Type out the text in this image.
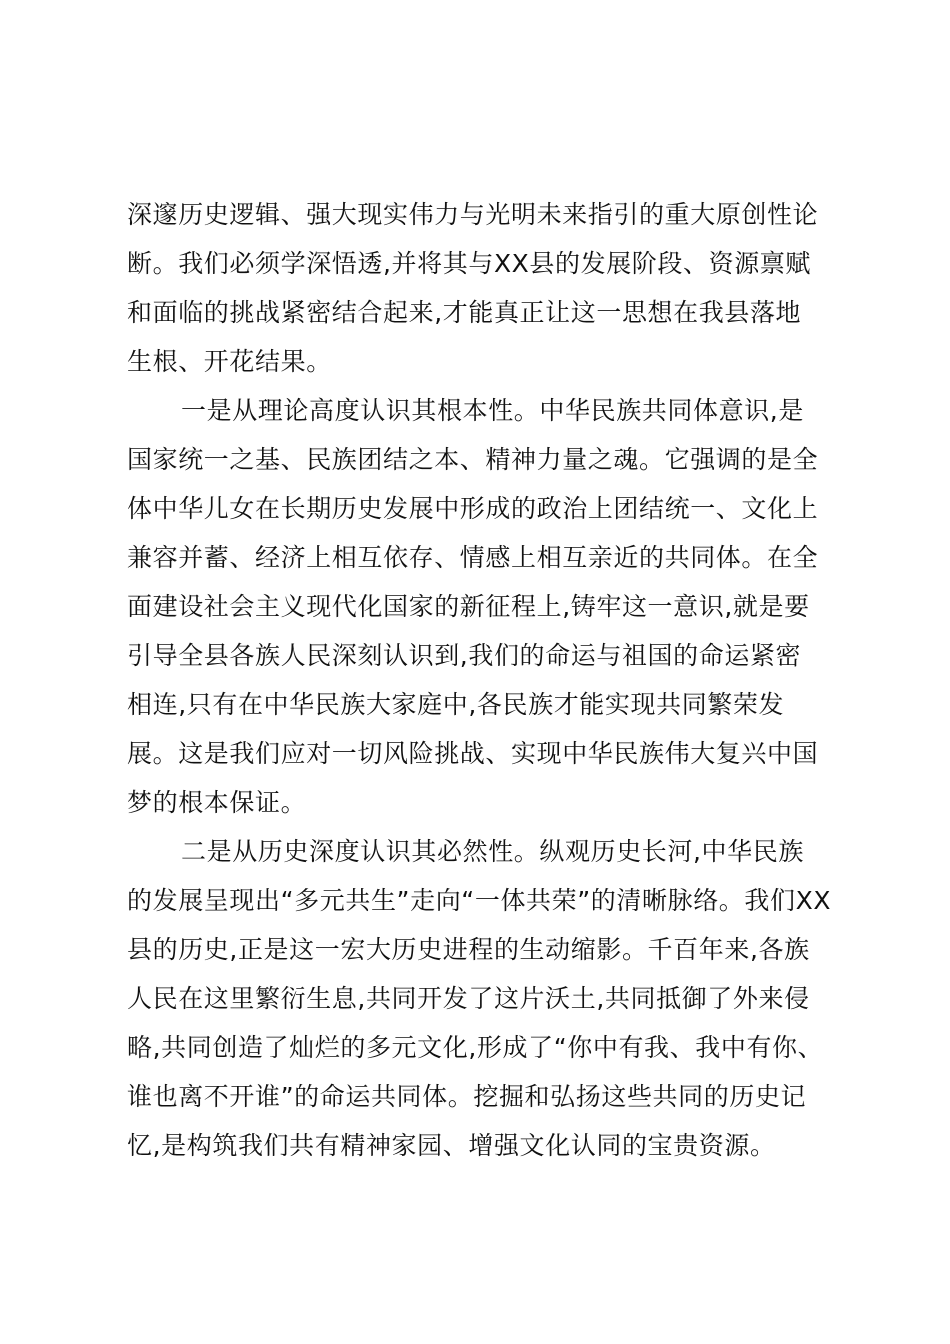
深邃历史逻辑、强大现实伟力与光明未来指引的重大原创性论
断。我们必须学深悟透,并将其与XX县的发展阶段、资源禀赋
和面临的挑战紧密结合起来,才能真正让这一思想在我县落地
生根、开花结果。
一是从理论高度认识其根本性。中华民族共同体意识,是
国家统一之基、民族团结之本、精神力量之魂。它强调的是全
体中华儿女在长期历史发展中形成的政治上团结统一、文化上
兼容并蓄、经济上相互依存、情感上相互亲近的共同体。在全
面建设社会主义现代化国家的新征程上,铸牢这一意识,就是要
引导全县各族人民深刻认识到,我们的命运与祖国的命运紧密
相连,只有在中华民族大家庭中,各民族才能实现共同繁荣发
展。这是我们应对一切风险挑战、实现中华民族伟大复兴中国
梦的根本保证。
二是从历史深度认识其必然性。纵观历史长河,中华民族
的发展呈现出“多元共生”走向“一体共荣”的清晰脉络。我们XX
县的历史,正是这一宏大历史进程的生动缩影。千百年来,各族
人民在这里繁衍生息,共同开发了这片沃土,共同抵御了外来侵
略,共同创造了灿烂的多元文化,形成了“你中有我、我中有你、
谁也离不开谁”的命运共同体。挖掘和弘扬这些共同的历史记
忆,是构筑我们共有精神家园、增强文化认同的宝贵资源。
